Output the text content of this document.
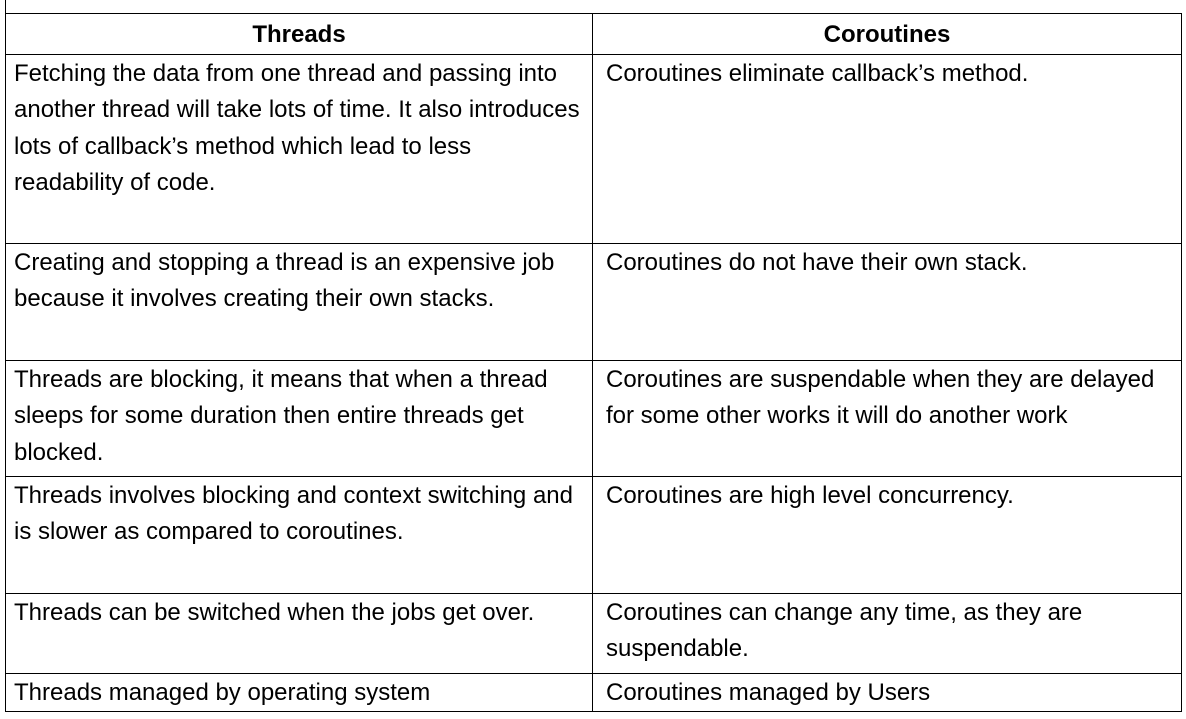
Threads	Coroutines
Fetching the data from one thread and passing into another thread will take lots of time. It also introduces lots of callback’s method which lead to less readability of code.	Coroutines eliminate callback’s method.
Creating and stopping a thread is an expensive job because it involves creating their own stacks.	Coroutines do not have their own stack.
Threads are blocking, it means that when a thread sleeps for some duration then entire threads get blocked.	Coroutines are suspendable when they are delayed for some other works it will do another work
Threads involves blocking and context switching and is slower as compared to coroutines.	Coroutines are high level concurrency.
Threads can be switched when the jobs get over.	Coroutines can change any time, as they are suspendable.
Threads managed by operating system	Coroutines managed by Users
